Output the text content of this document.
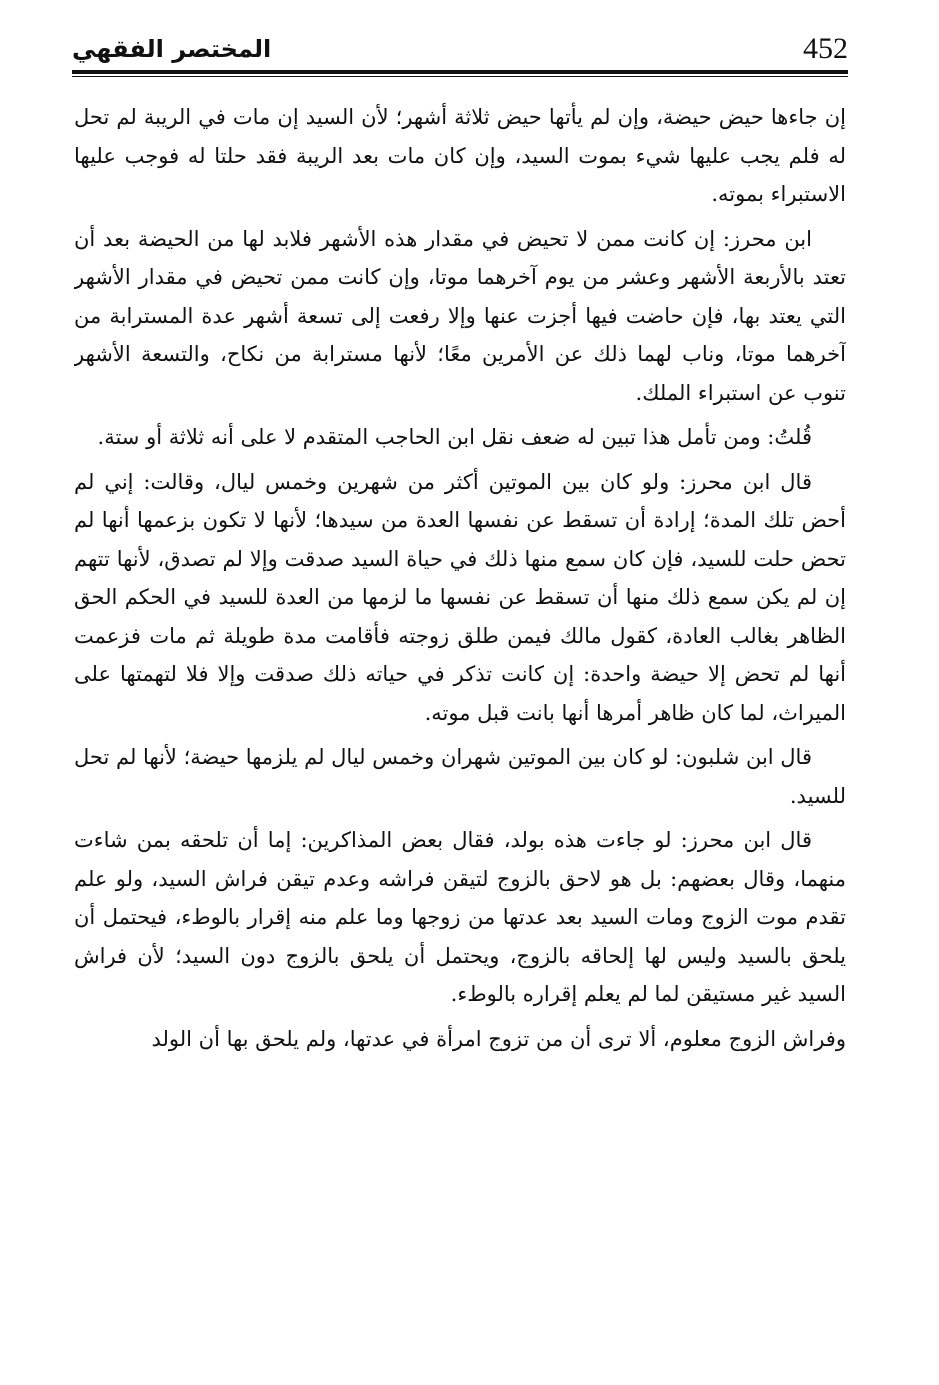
452
المختصر الفقهي

إن جاءها حيض حيضة، وإن لم يأتها حيض ثلاثة أشهر؛ لأن السيد إن مات في الريبة لم تحل له فلم يجب عليها شيء بموت السيد، وإن كان مات بعد الريبة فقد حلتا له فوجب عليها الاستبراء بموته.

ابن محرز: إن كانت ممن لا تحيض في مقدار هذه الأشهر فلابد لها من الحيضة بعد أن تعتد بالأربعة الأشهر وعشر من يوم آخرهما موتا، وإن كانت ممن تحيض في مقدار الأشهر التي يعتد بها، فإن حاضت فيها أجزت عنها وإلا رفعت إلى تسعة أشهر عدة المسترابة من آخرهما موتا، وناب لهما ذلك عن الأمرين معًا؛ لأنها مسترابة من نكاح، والتسعة الأشهر تنوب عن استبراء الملك.

قُلتُ: ومن تأمل هذا تبين له ضعف نقل ابن الحاجب المتقدم لا على أنه ثلاثة أو ستة.

قال ابن محرز: ولو كان بين الموتين أكثر من شهرين وخمس ليال، وقالت: إني لم أحض تلك المدة؛ إرادة أن تسقط عن نفسها العدة من سيدها؛ لأنها لا تكون بزعمها أنها لم تحض حلت للسيد، فإن كان سمع منها ذلك في حياة السيد صدقت وإلا لم تصدق، لأنها تتهم إن لم يكن سمع ذلك منها أن تسقط عن نفسها ما لزمها من العدة للسيد في الحكم الحق الظاهر بغالب العادة، كقول مالك فيمن طلق زوجته فأقامت مدة طويلة ثم مات فزعمت أنها لم تحض إلا حيضة واحدة: إن كانت تذكر في حياته ذلك صدقت وإلا فلا لتهمتها على الميراث، لما كان ظاهر أمرها أنها بانت قبل موته.

قال ابن شلبون: لو كان بين الموتين شهران وخمس ليال لم يلزمها حيضة؛ لأنها لم تحل للسيد.

قال ابن محرز: لو جاءت هذه بولد، فقال بعض المذاكرين: إما أن تلحقه بمن شاءت منهما، وقال بعضهم: بل هو لاحق بالزوج لتيقن فراشه وعدم تيقن فراش السيد، ولو علم تقدم موت الزوج ومات السيد بعد عدتها من زوجها وما علم منه إقرار بالوطء، فيحتمل أن يلحق بالسيد وليس لها إلحاقه بالزوج، ويحتمل أن يلحق بالزوج دون السيد؛ لأن فراش السيد غير مستيقن لما لم يعلم إقراره بالوطء.

وفراش الزوج معلوم، ألا ترى أن من تزوج امرأة في عدتها، ولم يلحق بها أن الولد
